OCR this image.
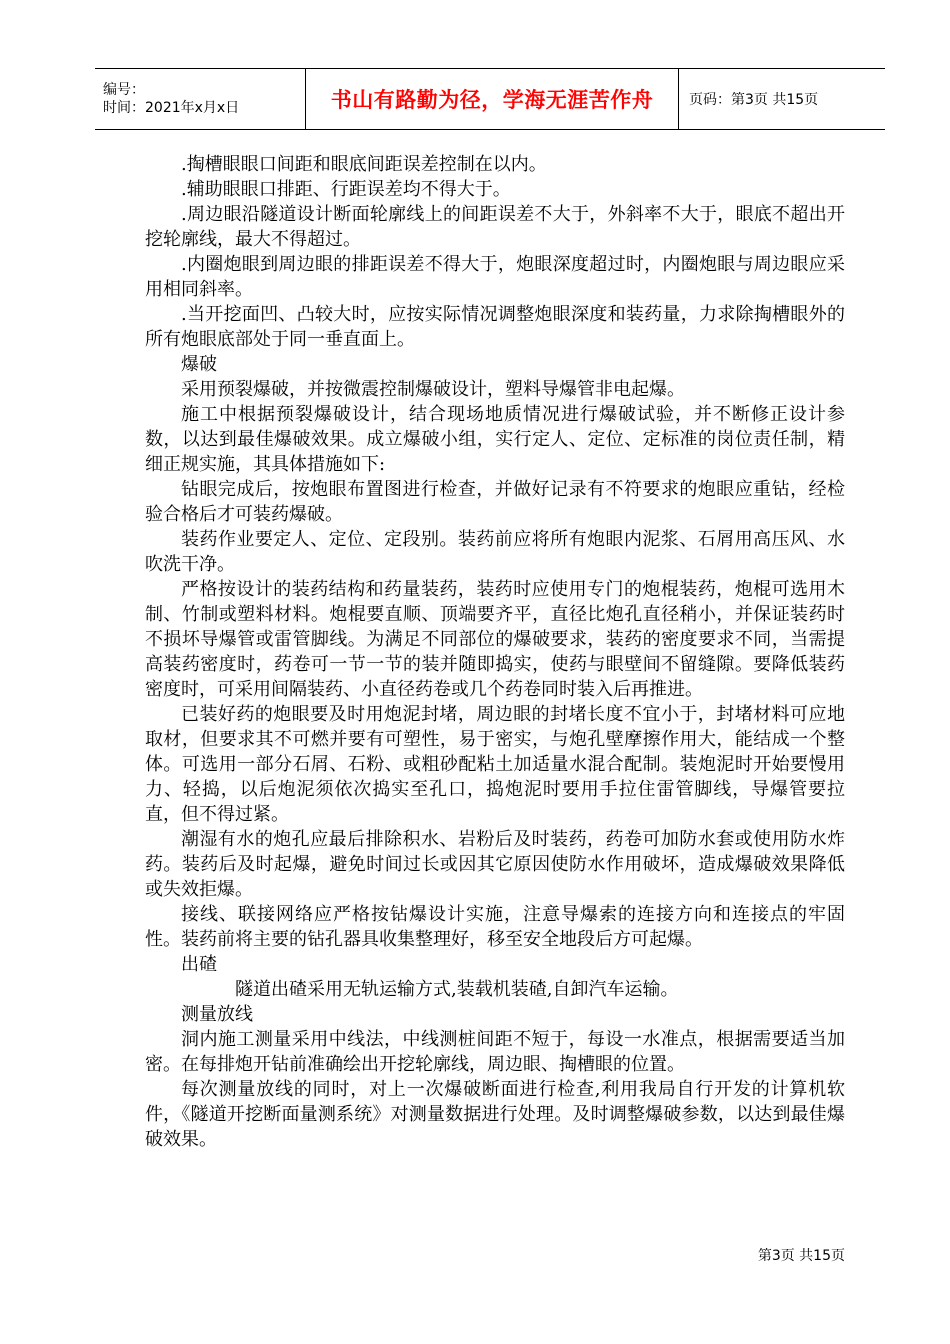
编号：
时间：2021年x月x日	书山有路勤为径，学海无涯苦作舟	页码：第3页 共15页

.掏槽眼眼口间距和眼底间距误差控制在以内。

.辅助眼眼口排距、行距误差均不得大于。

.周边眼沿隧道设计断面轮廓线上的间距误差不大于，外斜率不大于，眼底不超出开挖轮廓线，最大不得超过。

.内圈炮眼到周边眼的排距误差不得大于，炮眼深度超过时，内圈炮眼与周边眼应采用相同斜率。

.当开挖面凹、凸较大时，应按实际情况调整炮眼深度和装药量，力求除掏槽眼外的所有炮眼底部处于同一垂直面上。

爆破

采用预裂爆破，并按微震控制爆破设计，塑料导爆管非电起爆。

施工中根据预裂爆破设计，结合现场地质情况进行爆破试验，并不断修正设计参数，以达到最佳爆破效果。成立爆破小组，实行定人、定位、定标准的岗位责任制，精细正规实施，其具体措施如下:

钻眼完成后，按炮眼布置图进行检查，并做好记录有不符要求的炮眼应重钻，经检验合格后才可装药爆破。

装药作业要定人、定位、定段别。装药前应将所有炮眼内泥浆、石屑用高压风、水吹洗干净。

严格按设计的装药结构和药量装药，装药时应使用专门的炮棍装药，炮棍可选用木制、竹制或塑料材料。炮棍要直顺、顶端要齐平，直径比炮孔直径稍小，并保证装药时不损坏导爆管或雷管脚线。为满足不同部位的爆破要求，装药的密度要求不同，当需提高装药密度时，药卷可一节一节的装并随即捣实，使药与眼壁间不留缝隙。要降低装药密度时，可采用间隔装药、小直径药卷或几个药卷同时装入后再推进。

已装好药的炮眼要及时用炮泥封堵，周边眼的封堵长度不宜小于，封堵材料可应地取材，但要求其不可燃并要有可塑性，易于密实，与炮孔壁摩擦作用大，能结成一个整体。可选用一部分石屑、石粉、或粗砂配粘土加适量水混合配制。装炮泥时开始要慢用力、轻捣，以后炮泥须依次捣实至孔口，捣炮泥时要用手拉住雷管脚线，导爆管要拉直，但不得过紧。

潮湿有水的炮孔应最后排除积水、岩粉后及时装药，药卷可加防水套或使用防水炸药。装药后及时起爆，避免时间过长或因其它原因使防水作用破坏，造成爆破效果降低或失效拒爆。

接线、联接网络应严格按钻爆设计实施，注意导爆索的连接方向和连接点的牢固性。装药前将主要的钻孔器具收集整理好，移至安全地段后方可起爆。

出碴

隧道出碴采用无轨运输方式,装载机装碴,自卸汽车运输。

测量放线

洞内施工测量采用中线法，中线测桩间距不短于，每设一水准点，根据需要适当加密。在每排炮开钻前准确绘出开挖轮廓线，周边眼、掏槽眼的位置。

每次测量放线的同时，对上一次爆破断面进行检查,利用我局自行开发的计算机软件，《隧道开挖断面量测系统》对测量数据进行处理。及时调整爆破参数，以达到最佳爆破效果。

第3页 共15页
